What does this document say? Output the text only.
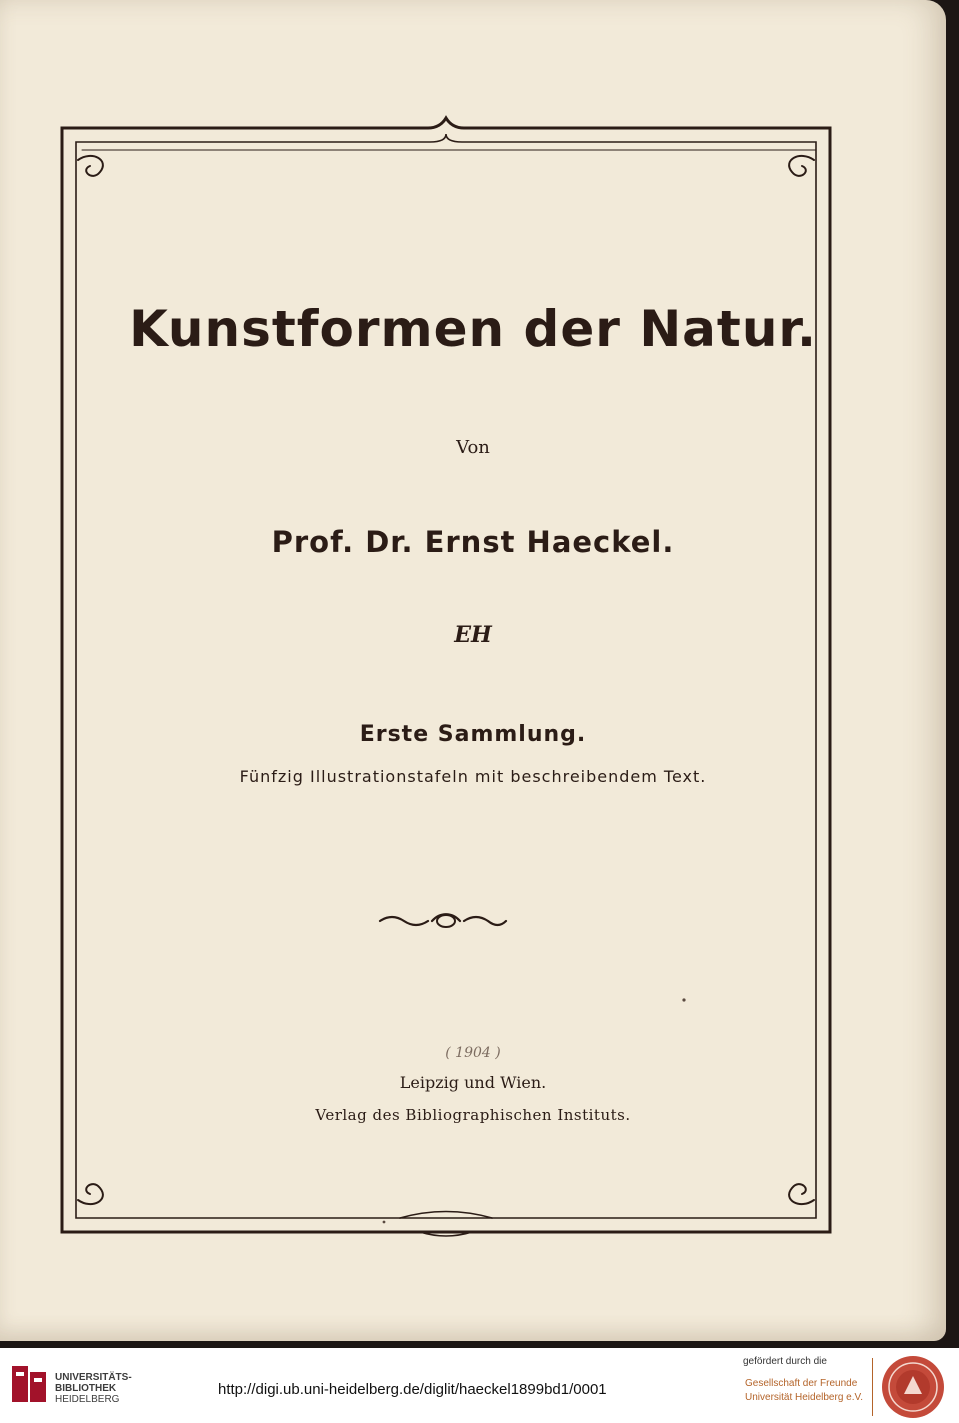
Kunstformen der Natur.
Von
Prof. Dr. Ernst Haeckel.
EH
Erste Sammlung.
Fünfzig Illustrationstafeln mit beschreibendem Text.
( 1904 )
Leipzig und Wien.
Verlag des Bibliographischen Instituts.
UNIVERSITÄTS-
BIBLIOTHEK
HEIDELBERG
http://digi.ub.uni-heidelberg.de/diglit/haeckel1899bd1/0001
gefördert durch die
Gesellschaft der Freunde
Universität Heidelberg e.V.
